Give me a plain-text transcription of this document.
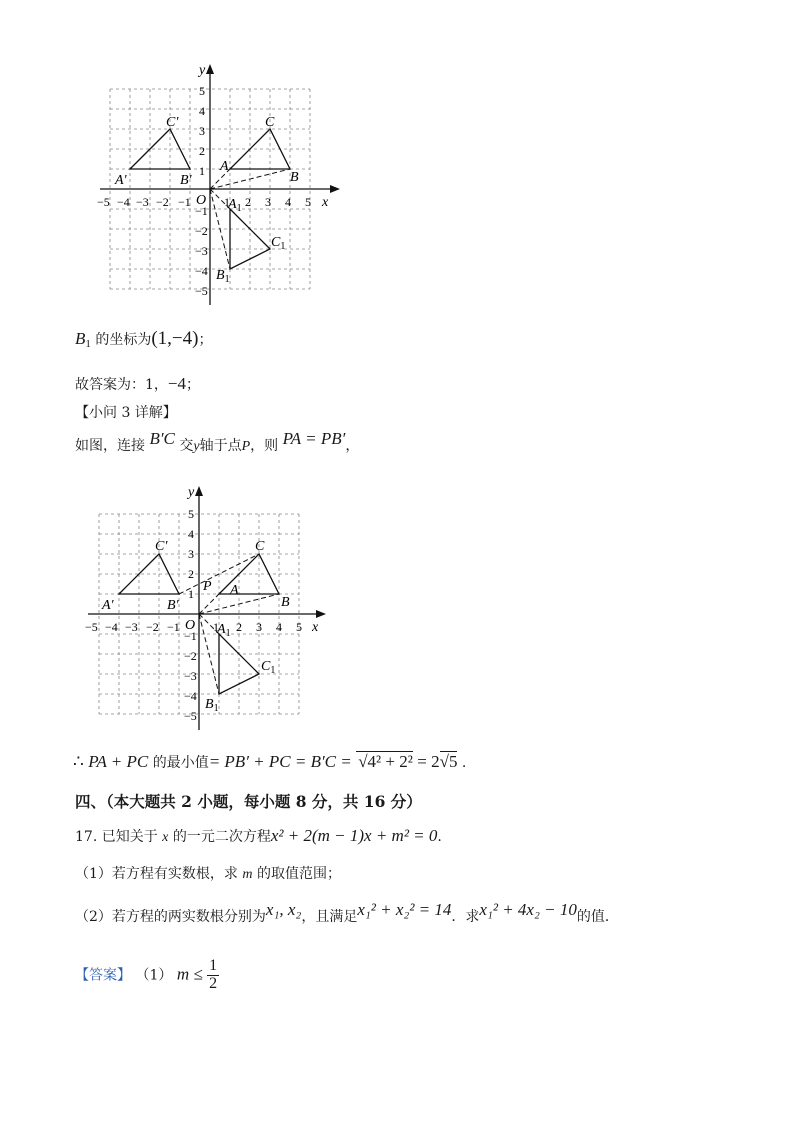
−5 −4 −3 −2 −1	1 2 3 4 5
5
4
3
2
1
−1
−2
−3
−4
−5
x
y
O
C′
A′	B′
C
A
B
$A_1$
$B_1$
$C_1$
$B_1$ 的坐标为(1,−4)；
故答案为：1，−4；
【小问 3 详解】
如图，连接 B′C 交y轴于点P，则 PA = PB′，
−5 −4 −3 −2 −1	1 2 3 4 5
5
4
3
2
1
−1
−2
−3
−4
−5
x
y
O
C′
A′	B′
P
C
A
B
$A_1$
$B_1$
$C_1$
∴ PA + PC 的最小值= PB′ + PC = B′C = √4² + 2² = 2√5 .
四、（本大题共 2 小题，每小题 8 分，共 16 分）
17. 已知关于 x 的一元二次方程x² + 2(m − 1)x + m² = 0.
（1）若方程有实数根，求 m 的取值范围；
（2）若方程的两实数根分别为x₁, x₂，且满足x₁² + x₂² = 14．求x₁² + 4x₂ − 10的值．
【答案】 （1） $m \le \frac{1}{2}$
